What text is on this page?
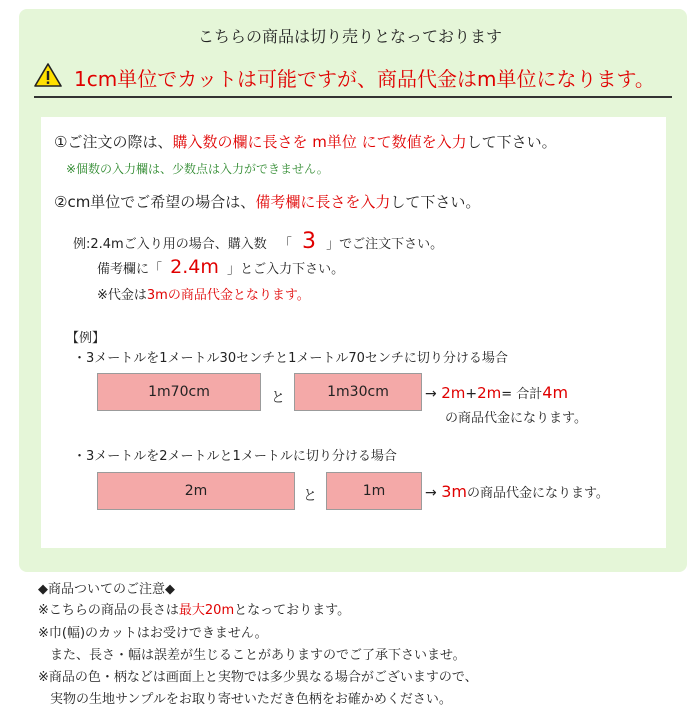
こちらの商品は切り売りとなっております
1cm単位でカットは可能ですが、商品代金はm単位になります。
①ご注文の際は、購入数の欄に長さを m単位 にて数値を入力して下さい。
※個数の入力欄は、少数点は入力ができません。
②cm単位でご希望の場合は、備考欄に長さを入力して下さい。
例:2.4mご入り用の場合、購入数 「 3 」でご注文下さい。
備考欄に「 2.4m 」とご入力下さい。
※代金は3mの商品代金となります。
【例】
・3メートルを1メートル30センチと1メートル70センチに切り分ける場合
1m70cm	と	1m30cm	→ 2m+2m= 合計4m
の商品代金になります。
・3メートルを2メートルと1メートルに切り分ける場合
2m	と	1m	→ 3mの商品代金になります。
◆商品ついてのご注意◆
※こちらの商品の長さは最大20mとなっております。
※巾(幅)のカットはお受けできません。
また、長さ・幅は誤差が生じることがありますのでご了承下さいませ。
※商品の色・柄などは画面上と実物では多少異なる場合がございますので、
実物の生地サンプルをお取り寄せいただき色柄をお確かめください。
